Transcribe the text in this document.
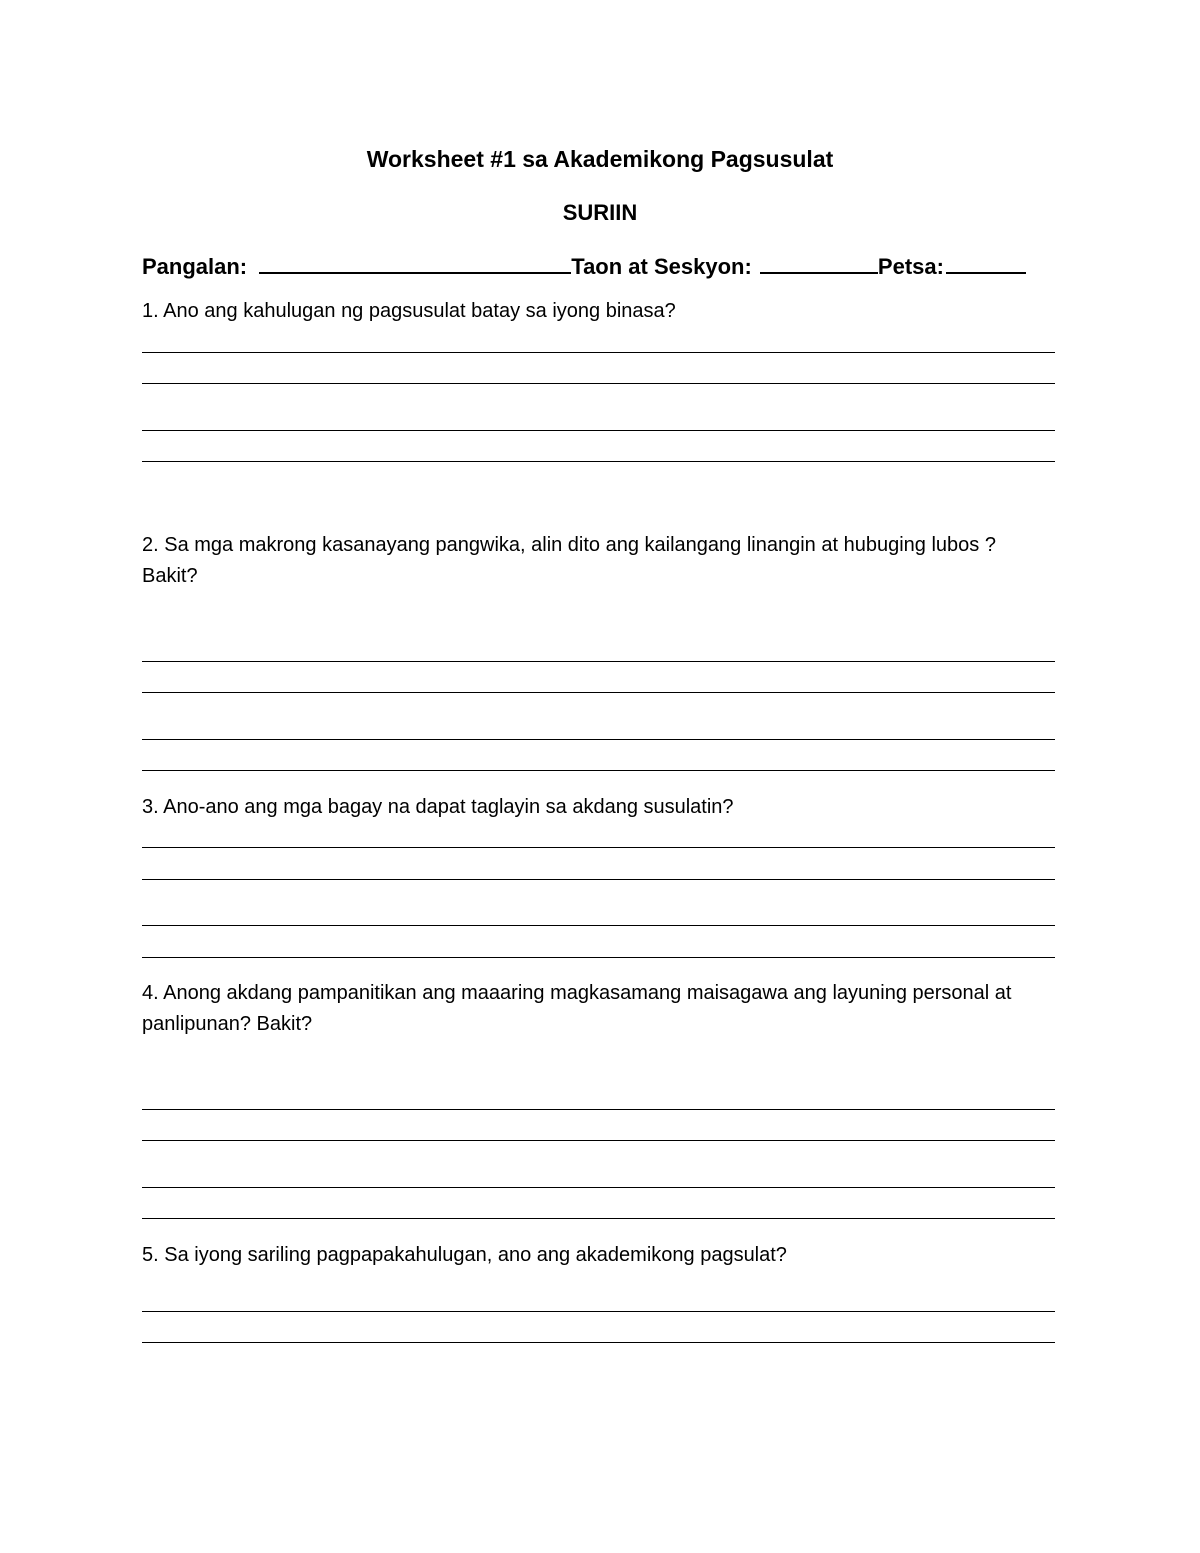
Worksheet #1 sa Akademikong Pagsusulat
SURIIN
Pangalan:	Taon at Seskyon:	Petsa:
1. Ano ang kahulugan ng pagsusulat batay sa iyong binasa?
2. Sa mga makrong kasanayang pangwika, alin dito ang kailangang linangin at hubuging lubos ? Bakit?
3. Ano-ano ang mga bagay na dapat taglayin sa akdang susulatin?
4. Anong akdang pampanitikan ang maaaring magkasamang maisagawa ang layuning personal at panlipunan? Bakit?
5. Sa iyong sariling pagpapakahulugan, ano ang akademikong pagsulat?
